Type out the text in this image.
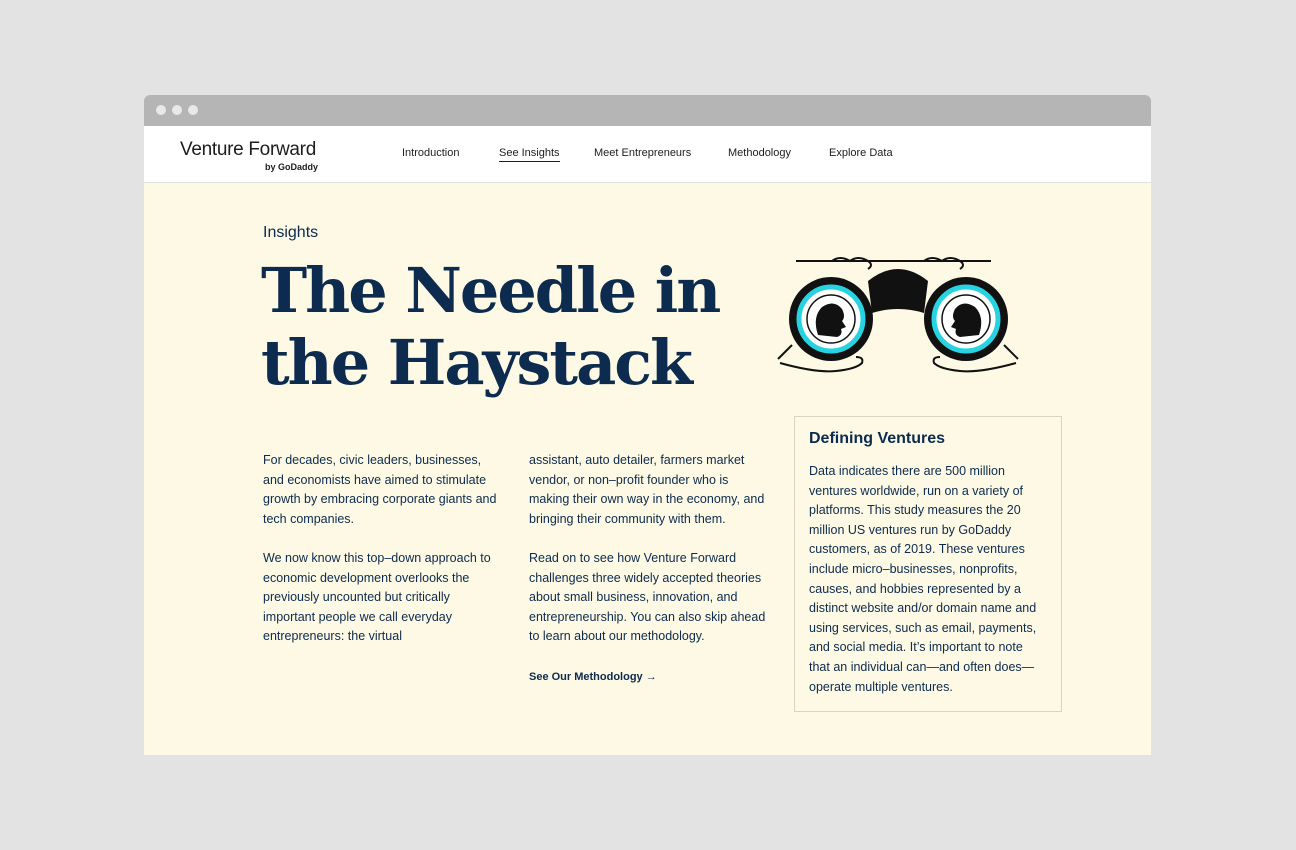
Venture Forward
by GoDaddy
Introduction	See Insights	Meet Entrepreneurs	Methodology	Explore Data
Insights
The Needle in the Haystack

For decades, civic leaders, businesses, and economists have aimed to stimulate growth by embracing corporate giants and tech companies.

We now know this top–down approach to economic development overlooks the previously uncounted but critically important people we call everyday entrepreneurs: the virtual

assistant, auto detailer, farmers market vendor, or non–profit founder who is making their own way in the economy, and bringing their community with them.

Read on to see how Venture Forward challenges three widely accepted theories about small business, innovation, and entrepreneurship. You can also skip ahead to learn about our methodology.

See Our Methodology →
Defining Ventures

Data indicates there are 500 million ventures worldwide, run on a variety of platforms. This study measures the 20 million US ventures run by GoDaddy customers, as of 2019. These ventures include micro–businesses, nonprofits, causes, and hobbies represented by a distinct website and/or domain name and using services, such as email, payments, and social media. It’s important to note that an individual can—and often does—operate multiple ventures.
